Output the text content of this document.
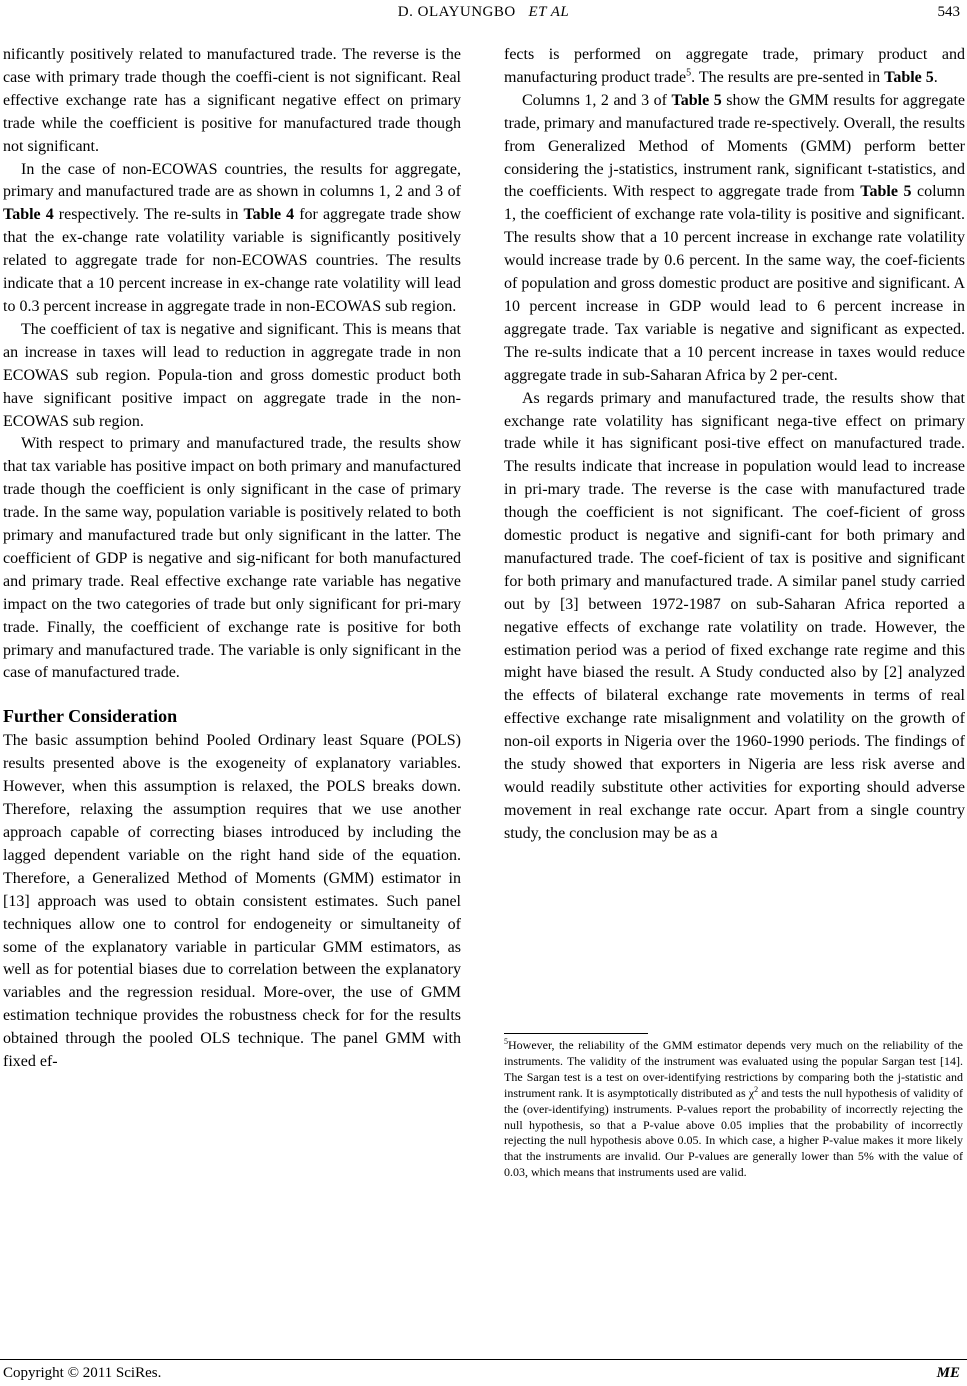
D. OLAYUNGBO ET AL	543

nificantly positively related to manufactured trade. The reverse is the case with primary trade though the coeffi-cient is not significant. Real effective exchange rate has a significant negative effect on primary trade while the coefficient is positive for manufactured trade though not significant.

In the case of non-ECOWAS countries, the results for aggregate, primary and manufactured trade are as shown in columns 1, 2 and 3 of Table 4 respectively. The re-sults in Table 4 for aggregate trade show that the ex-change rate volatility variable is significantly positively related to aggregate trade for non-ECOWAS countries. The results indicate that a 10 percent increase in ex-change rate volatility will lead to 0.3 percent increase in aggregate trade in non-ECOWAS sub region.

The coefficient of tax is negative and significant. This is means that an increase in taxes will lead to reduction in aggregate trade in non ECOWAS sub region. Popula-tion and gross domestic product both have significant positive impact on aggregate trade in the non-ECOWAS sub region.

With respect to primary and manufactured trade, the results show that tax variable has positive impact on both primary and manufactured trade though the coefficient is only significant in the case of primary trade. In the same way, population variable is positively related to both primary and manufactured trade but only significant in the latter. The coefficient of GDP is negative and sig-nificant for both manufactured and primary trade. Real effective exchange rate variable has negative impact on the two categories of trade but only significant for pri-mary trade. Finally, the coefficient of exchange rate is positive for both primary and manufactured trade. The variable is only significant in the case of manufactured trade.

Further Consideration

The basic assumption behind Pooled Ordinary least Square (POLS) results presented above is the exogeneity of explanatory variables. However, when this assumption is relaxed, the POLS breaks down. Therefore, relaxing the assumption requires that we use another approach capable of correcting biases introduced by including the lagged dependent variable on the right hand side of the equation. Therefore, a Generalized Method of Moments (GMM) estimator in [13] approach was used to obtain consistent estimates. Such panel techniques allow one to control for endogeneity or simultaneity of some of the explanatory variable in particular GMM estimators, as well as for potential biases due to correlation between the explanatory variables and the regression residual. More-over, the use of GMM estimation technique provides the robustness check for for the results obtained through the pooled OLS technique. The panel GMM with fixed ef-

fects is performed on aggregate trade, primary product and manufacturing product trade$^5$. The results are pre-sented in Table 5.

Columns 1, 2 and 3 of Table 5 show the GMM results for aggregate trade, primary and manufactured trade re-spectively. Overall, the results from Generalized Method of Moments (GMM) perform better considering the j-statistics, instrument rank, significant t-statistics, and the coefficients. With respect to aggregate trade from Table 5 column 1, the coefficient of exchange rate vola-tility is positive and significant. The results show that a 10 percent increase in exchange rate volatility would increase trade by 0.6 percent. In the same way, the coef-ficients of population and gross domestic product are positive and significant. A 10 percent increase in GDP would lead to 6 percent increase in aggregate trade. Tax variable is negative and significant as expected. The re-sults indicate that a 10 percent increase in taxes would reduce aggregate trade in sub-Saharan Africa by 2 per-cent.

As regards primary and manufactured trade, the results show that exchange rate volatility has significant nega-tive effect on primary trade while it has significant posi-tive effect on manufactured trade. The results indicate that increase in population would lead to increase in pri-mary trade. The reverse is the case with manufactured trade though the coefficient is not significant. The coef-ficient of gross domestic product is negative and signifi-cant for both primary and manufactured trade. The coef-ficient of tax is positive and significant for both primary and manufactured trade. A similar panel study carried out by [3] between 1972-1987 on sub-Saharan Africa reported a negative effects of exchange rate volatility on trade. However, the estimation period was a period of fixed exchange rate regime and this might have biased the result. A Study conducted also by [2] analyzed the effects of bilateral exchange rate movements in terms of real effective exchange rate misalignment and volatility on the growth of non-oil exports in Nigeria over the 1960-1990 periods. The findings of the study showed that exporters in Nigeria are less risk averse and would readily substitute other activities for exporting should adverse movement in real exchange rate occur. Apart from a single country study, the conclusion may be as a

$^5$However, the reliability of the GMM estimator depends very much on the reliability of the instruments. The validity of the instrument was evaluated using the popular Sargan test [14]. The Sargan test is a test on over-identifying restrictions by comparing both the j-statistic and instrument rank. It is asymptotically distributed as $\chi^2$ and tests the null hypothesis of validity of the (over-identifying) instruments. P-values report the probability of incorrectly rejecting the null hypothesis, so that a P-value above 0.05 implies that the probability of incorrectly rejecting the null hypothesis above 0.05. In which case, a higher P-value makes it more likely that the instruments are invalid. Our P-values are generally lower than 5% with the value of 0.03, which means that instruments used are valid.
Copyright © 2011 SciRes.	ME
